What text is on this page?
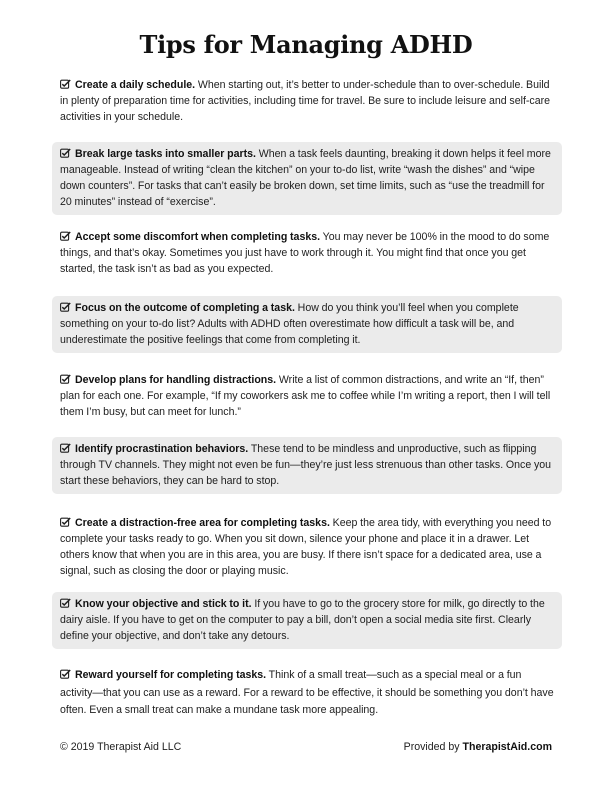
Tips for Managing ADHD
Create a daily schedule. When starting out, it’s better to under-schedule than to over-schedule. Build in plenty of preparation time for activities, including time for travel. Be sure to include leisure and self-care activities in your schedule.
Break large tasks into smaller parts. When a task feels daunting, breaking it down helps it feel more manageable. Instead of writing “clean the kitchen” on your to-do list, write “wash the dishes” and “wipe down counters”. For tasks that can’t easily be broken down, set time limits, such as “use the treadmill for 20 minutes” instead of “exercise”.
Accept some discomfort when completing tasks. You may never be 100% in the mood to do some things, and that’s okay. Sometimes you just have to work through it. You might find that once you get started, the task isn’t as bad as you expected.
Focus on the outcome of completing a task. How do you think you’ll feel when you complete something on your to-do list? Adults with ADHD often overestimate how difficult a task will be, and underestimate the positive feelings that come from completing it.
Develop plans for handling distractions. Write a list of common distractions, and write an “If, then” plan for each one. For example, “If my coworkers ask me to coffee while I’m writing a report, then I will tell them I’m busy, but can meet for lunch.”
Identify procrastination behaviors. These tend to be mindless and unproductive, such as flipping through TV channels. They might not even be fun—they’re just less strenuous than other tasks. Once you start these behaviors, they can be hard to stop.
Create a distraction-free area for completing tasks. Keep the area tidy, with everything you need to complete your tasks ready to go. When you sit down, silence your phone and place it in a drawer. Let others know that when you are in this area, you are busy. If there isn’t space for a dedicated area, use a signal, such as closing the door or playing music.
Know your objective and stick to it. If you have to go to the grocery store for milk, go directly to the dairy aisle. If you have to get on the computer to pay a bill, don’t open a social media site first. Clearly define your objective, and don’t take any detours.
Reward yourself for completing tasks. Think of a small treat—such as a special meal or a fun activity—that you can use as a reward. For a reward to be effective, it should be something you don’t have often. Even a small treat can make a mundane task more appealing.
© 2019 Therapist Aid LLC	Provided by TherapistAid.com
